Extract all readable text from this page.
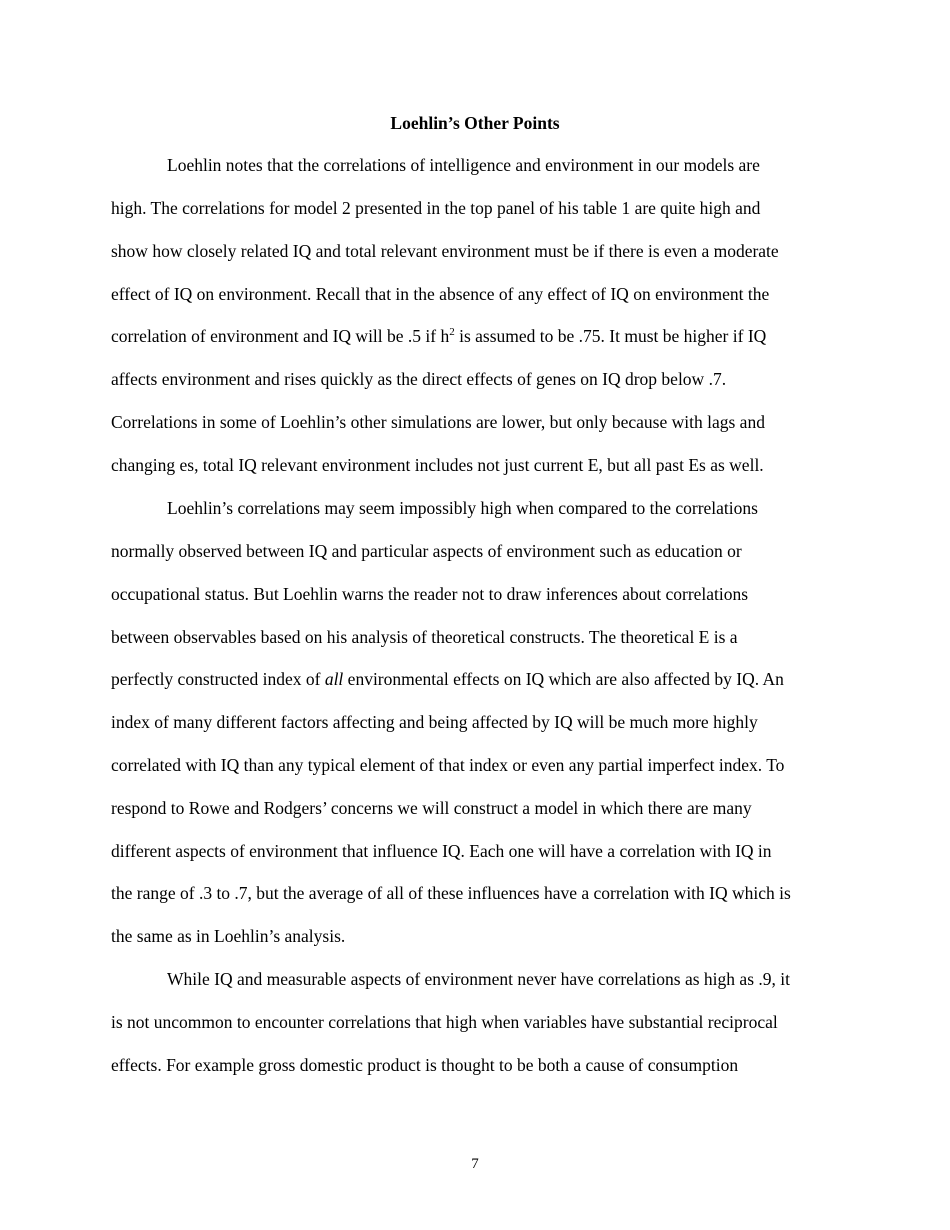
Loehlin’s Other Points
Loehlin notes that the correlations of intelligence and environment in our models are
high. The correlations for model 2 presented in the top panel of his table 1 are quite high and
show how closely related IQ and total relevant environment must be if there is even a moderate
effect of IQ on environment. Recall that in the absence of any effect of IQ on environment the
correlation of environment and IQ will be .5 if $h^2$ is assumed to be .75. It must be higher if IQ
affects environment and rises quickly as the direct effects of genes on IQ drop below .7.
Correlations in some of Loehlin’s other simulations are lower, but only because with lags and
changing es, total IQ relevant environment includes not just current E, but all past Es as well.
Loehlin’s correlations may seem impossibly high when compared to the correlations
normally observed between IQ and particular aspects of environment such as education or
occupational status. But Loehlin warns the reader not to draw inferences about correlations
between observables based on his analysis of theoretical constructs. The theoretical E is a
perfectly constructed index of all environmental effects on IQ which are also affected by IQ. An
index of many different factors affecting and being affected by IQ will be much more highly
correlated with IQ than any typical element of that index or even any partial imperfect index. To
respond to Rowe and Rodgers’ concerns we will construct a model in which there are many
different aspects of environment that influence IQ. Each one will have a correlation with IQ in
the range of .3 to .7, but the average of all of these influences have a correlation with IQ which is
the same as in Loehlin’s analysis.
While IQ and measurable aspects of environment never have correlations as high as .9, it
is not uncommon to encounter correlations that high when variables have substantial reciprocal
effects. For example gross domestic product is thought to be both a cause of consumption
7
